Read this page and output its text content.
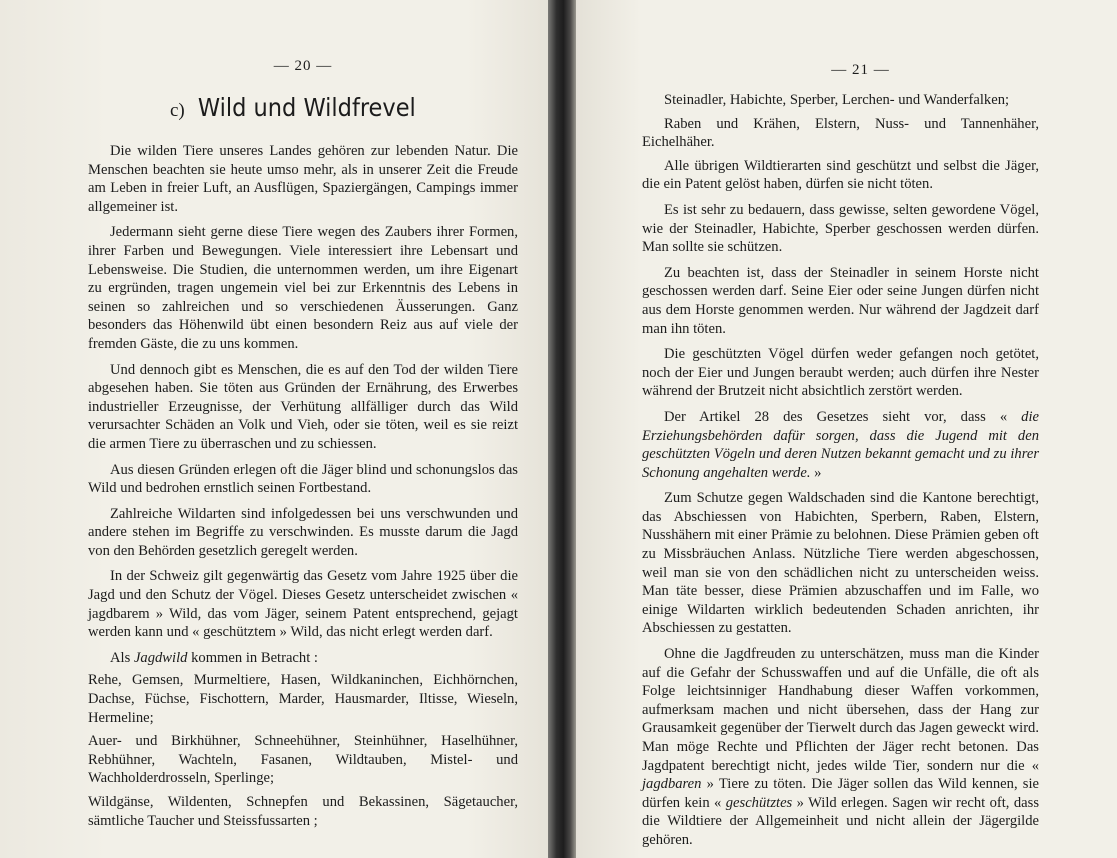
— 20 —
c) Wild und Wildfrevel

Die wilden Tiere unseres Landes gehören zur lebenden Natur. Die Menschen beachten sie heute umso mehr, als in unserer Zeit die Freude am Leben in freier Luft, an Ausflügen, Spaziergängen, Campings immer allgemeiner ist.

Jedermann sieht gerne diese Tiere wegen des Zaubers ihrer Formen, ihrer Farben und Bewegungen. Viele interessiert ihre Lebensart und Lebensweise. Die Studien, die unternommen werden, um ihre Eigenart zu ergründen, tragen ungemein viel bei zur Erkenntnis des Lebens in seinen so zahlreichen und so verschiedenen Äusserungen. Ganz besonders das Höhenwild übt einen besondern Reiz aus auf viele der fremden Gäste, die zu uns kommen.

Und dennoch gibt es Menschen, die es auf den Tod der wilden Tiere abgesehen haben. Sie töten aus Gründen der Ernährung, des Erwerbes industrieller Erzeugnisse, der Verhütung allfälliger durch das Wild verursachter Schäden an Volk und Vieh, oder sie töten, weil es sie reizt die armen Tiere zu überraschen und zu schiessen.

Aus diesen Gründen erlegen oft die Jäger blind und schonungslos das Wild und bedrohen ernstlich seinen Fortbestand.

Zahlreiche Wildarten sind infolgedessen bei uns verschwunden und andere stehen im Begriffe zu verschwinden. Es musste darum die Jagd von den Behörden gesetzlich geregelt werden.

In der Schweiz gilt gegenwärtig das Gesetz vom Jahre 1925 über die Jagd und den Schutz der Vögel. Dieses Gesetz unterscheidet zwischen « jagdbarem » Wild, das vom Jäger, seinem Patent entsprechend, gejagt werden kann und « geschütztem » Wild, das nicht erlegt werden darf.

Als Jagdwild kommen in Betracht :

Rehe, Gemsen, Murmeltiere, Hasen, Wildkaninchen, Eichhörnchen, Dachse, Füchse, Fischottern, Marder, Hausmarder, Iltisse, Wieseln, Hermeline;

Auer- und Birkhühner, Schneehühner, Steinhühner, Haselhühner, Rebhühner, Wachteln, Fasanen, Wildtauben, Mistel- und Wachholderdrosseln, Sperlinge;

Wildgänse, Wildenten, Schnepfen und Bekassinen, Sägetaucher, sämtliche Taucher und Steissfussarten ;

— 21 —

Steinadler, Habichte, Sperber, Lerchen- und Wanderfalken;

Raben und Krähen, Elstern, Nuss- und Tannenhäher, Eichelhäher.

Alle übrigen Wildtierarten sind geschützt und selbst die Jäger, die ein Patent gelöst haben, dürfen sie nicht töten.

Es ist sehr zu bedauern, dass gewisse, selten gewordene Vögel, wie der Steinadler, Habichte, Sperber geschossen werden dürfen. Man sollte sie schützen.

Zu beachten ist, dass der Steinadler in seinem Horste nicht geschossen werden darf. Seine Eier oder seine Jungen dürfen nicht aus dem Horste genommen werden. Nur während der Jagdzeit darf man ihn töten.

Die geschützten Vögel dürfen weder gefangen noch getötet, noch der Eier und Jungen beraubt werden; auch dürfen ihre Nester während der Brutzeit nicht absichtlich zerstört werden.

Der Artikel 28 des Gesetzes sieht vor, dass « die Erziehungsbehörden dafür sorgen, dass die Jugend mit den geschützten Vögeln und deren Nutzen bekannt gemacht und zu ihrer Schonung angehalten werde. »

Zum Schutze gegen Waldschaden sind die Kantone berechtigt, das Abschiessen von Habichten, Sperbern, Raben, Elstern, Nusshähern mit einer Prämie zu belohnen. Diese Prämien geben oft zu Missbräuchen Anlass. Nützliche Tiere werden abgeschossen, weil man sie von den schädlichen nicht zu unterscheiden weiss. Man täte besser, diese Prämien abzuschaffen und im Falle, wo einige Wildarten wirklich bedeutenden Schaden anrichten, ihr Abschiessen zu gestatten.

Ohne die Jagdfreuden zu unterschätzen, muss man die Kinder auf die Gefahr der Schusswaffen und auf die Unfälle, die oft als Folge leichtsinniger Handhabung dieser Waffen vorkommen, aufmerksam machen und nicht übersehen, dass der Hang zur Grausamkeit gegenüber der Tierwelt durch das Jagen geweckt wird. Man möge Rechte und Pflichten der Jäger recht betonen. Das Jagdpatent berechtigt nicht, jedes wilde Tier, sondern nur die « jagdbaren » Tiere zu töten. Die Jäger sollen das Wild kennen, sie dürfen kein « geschütztes » Wild erlegen. Sagen wir recht oft, dass die Wildtiere der Allgemeinheit und nicht allein der Jägergilde gehören.
